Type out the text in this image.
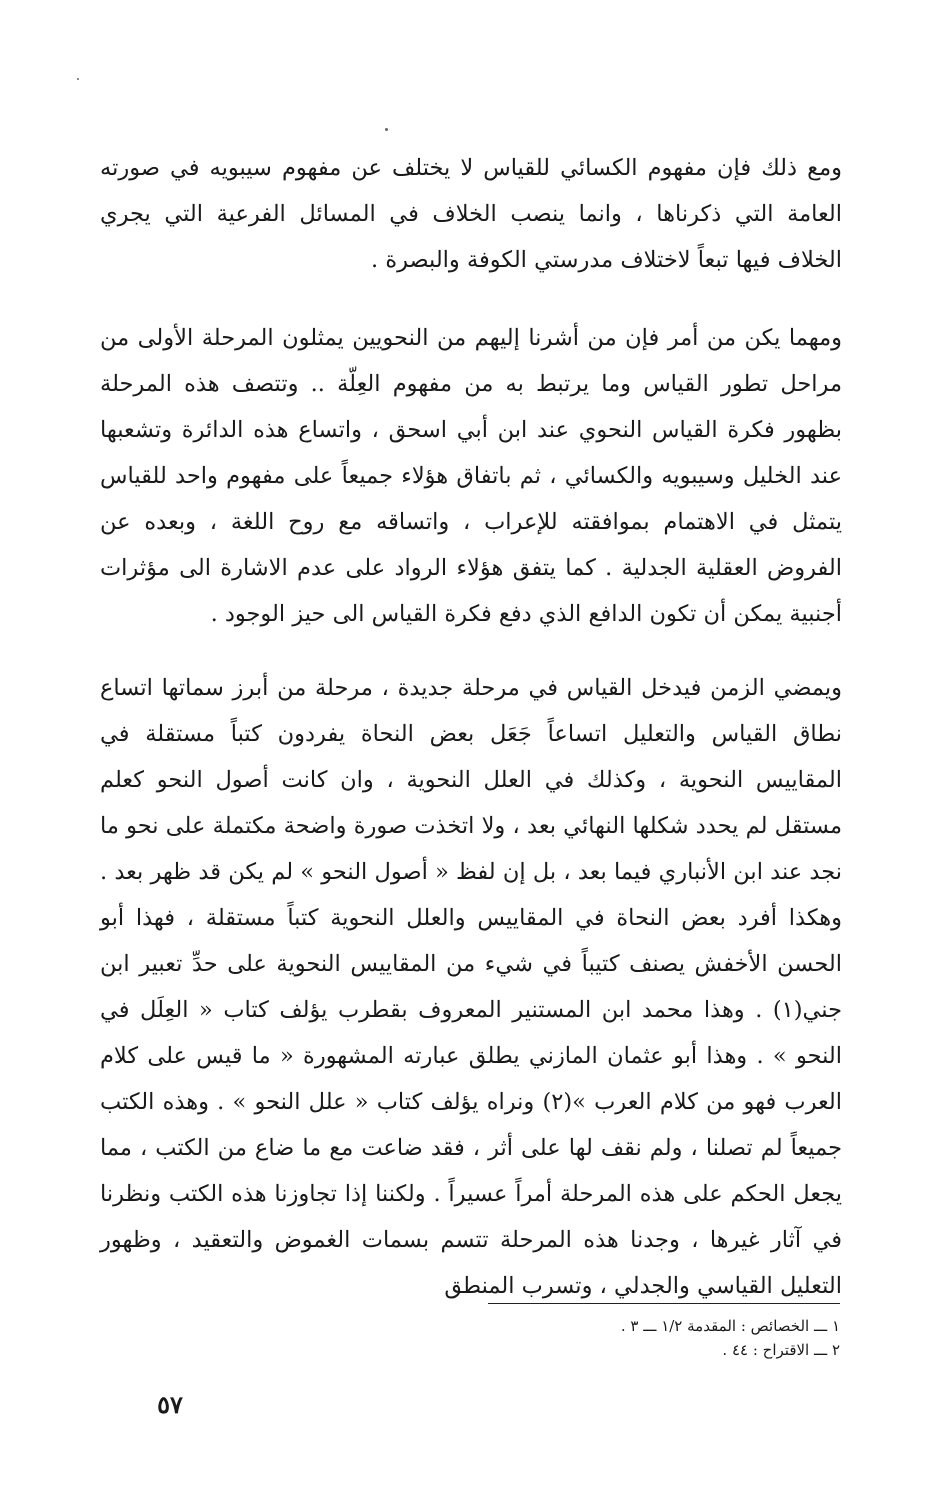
ومع ذلك فإن مفهوم الكسائي للقياس لا يختلف عن مفهوم سيبويه في صورته العامة التي ذكرناها ، وانما ينصب الخلاف في المسائل الفرعية التي يجري الخلاف فيها تبعاً لاختلاف مدرستي الكوفة والبصرة .

ومهما يكن من أمر فإن من أشرنا إليهم من النحويين يمثلون المرحلة الأولى من مراحل تطور القياس وما يرتبط به من مفهوم العِلّة .. وتتصف هذه المرحلة بظهور فكرة القياس النحوي عند ابن أبي اسحق ، واتساع هذه الدائرة وتشعبها عند الخليل وسيبويه والكسائي ، ثم باتفاق هؤلاء جميعاً على مفهوم واحد للقياس يتمثل في الاهتمام بموافقته للإعراب ، واتساقه مع روح اللغة ، وبعده عن الفروض العقلية الجدلية . كما يتفق هؤلاء الرواد على عدم الاشارة الى مؤثرات أجنبية يمكن أن تكون الدافع الذي دفع فكرة القياس الى حيز الوجود .

ويمضي الزمن فيدخل القياس في مرحلة جديدة ، مرحلة من أبرز سماتها اتساع نطاق القياس والتعليل اتساعاً جَعَل بعض النحاة يفردون كتباً مستقلة في المقاييس النحوية ، وكذلك في العلل النحوية ، وان كانت أصول النحو كعلم مستقل لم يحدد شكلها النهائي بعد ، ولا اتخذت صورة واضحة مكتملة على نحو ما نجد عند ابن الأنباري فيما بعد ، بل إن لفظ « أصول النحو » لم يكن قد ظهر بعد . وهكذا أفرد بعض النحاة في المقاييس والعلل النحوية كتباً مستقلة ، فهذا أبو الحسن الأخفش يصنف كتيباً في شيء من المقاييس النحوية على حدِّ تعبير ابن جني(١) . وهذا محمد ابن المستنير المعروف بقطرب يؤلف كتاب « العِلَل في النحو » . وهذا أبو عثمان المازني يطلق عبارته المشهورة « ما قيس على كلام العرب فهو من كلام العرب »(٢) ونراه يؤلف كتاب « علل النحو » . وهذه الكتب جميعاً لم تصلنا ، ولم نقف لها على أثر ، فقد ضاعت مع ما ضاع من الكتب ، مما يجعل الحكم على هذه المرحلة أمراً عسيراً . ولكننا إذا تجاوزنا هذه الكتب ونظرنا في آثار غيرها ، وجدنا هذه المرحلة تتسم بسمات الغموض والتعقيد ، وظهور التعليل القياسي والجدلي ، وتسرب المنطق

١ ـــ الخصائص : المقدمة ١/٢ ـــ ٣ .
٢ ـــ الاقتراح : ٤٤ .
٥٧
